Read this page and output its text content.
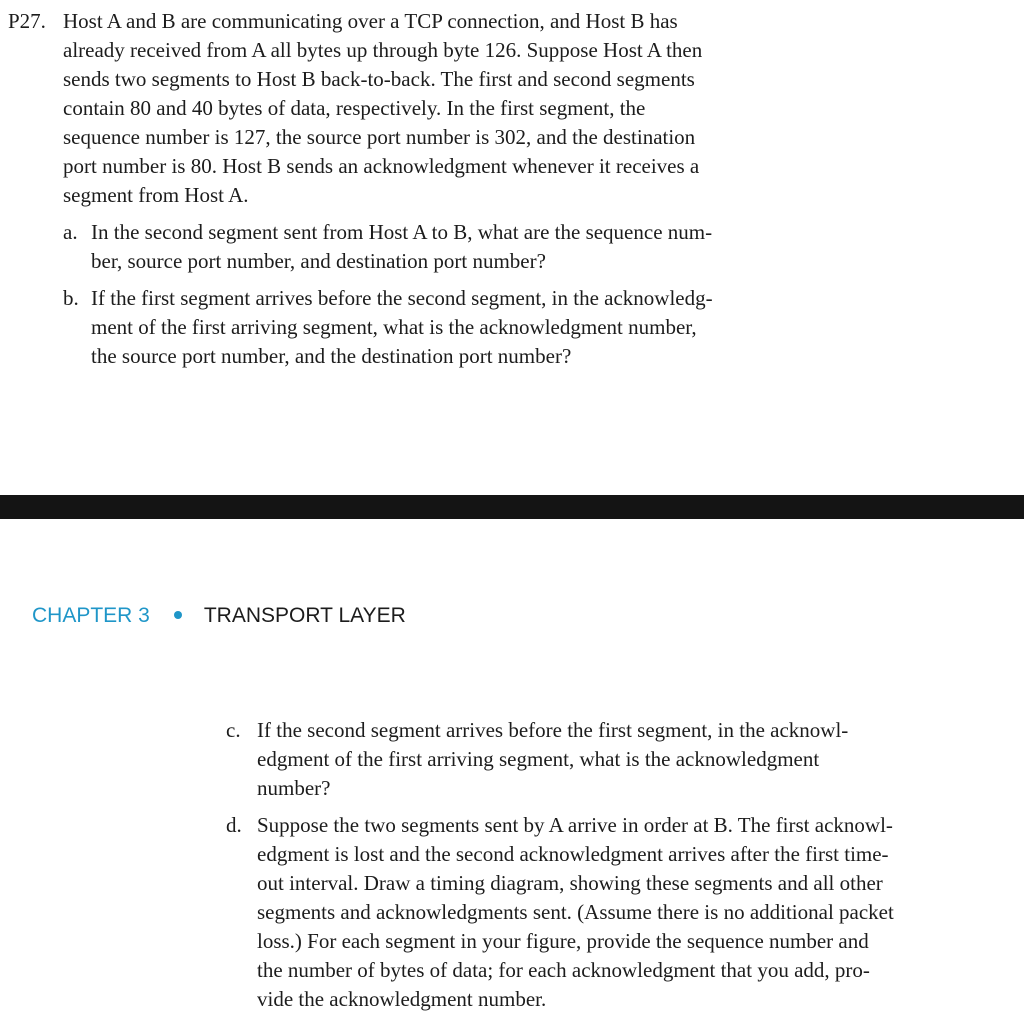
P27. Host A and B are communicating over a TCP connection, and Host B has
already received from A all bytes up through byte 126. Suppose Host A then
sends two segments to Host B back-to-back. The first and second segments
contain 80 and 40 bytes of data, respectively. In the first segment, the
sequence number is 127, the source port number is 302, and the destination
port number is 80. Host B sends an acknowledgment whenever it receives a
segment from Host A.
a. In the second segment sent from Host A to B, what are the sequence num-
ber, source port number, and destination port number?
b. If the first segment arrives before the second segment, in the acknowledg-
ment of the first arriving segment, what is the acknowledgment number,
the source port number, and the destination port number?
CHAPTER 3	TRANSPORT LAYER
c. If the second segment arrives before the first segment, in the acknowl-
edgment of the first arriving segment, what is the acknowledgment
number?
d. Suppose the two segments sent by A arrive in order at B. The first acknowl-
edgment is lost and the second acknowledgment arrives after the first time-
out interval. Draw a timing diagram, showing these segments and all other
segments and acknowledgments sent. (Assume there is no additional packet
loss.) For each segment in your figure, provide the sequence number and
the number of bytes of data; for each acknowledgment that you add, pro-
vide the acknowledgment number.
